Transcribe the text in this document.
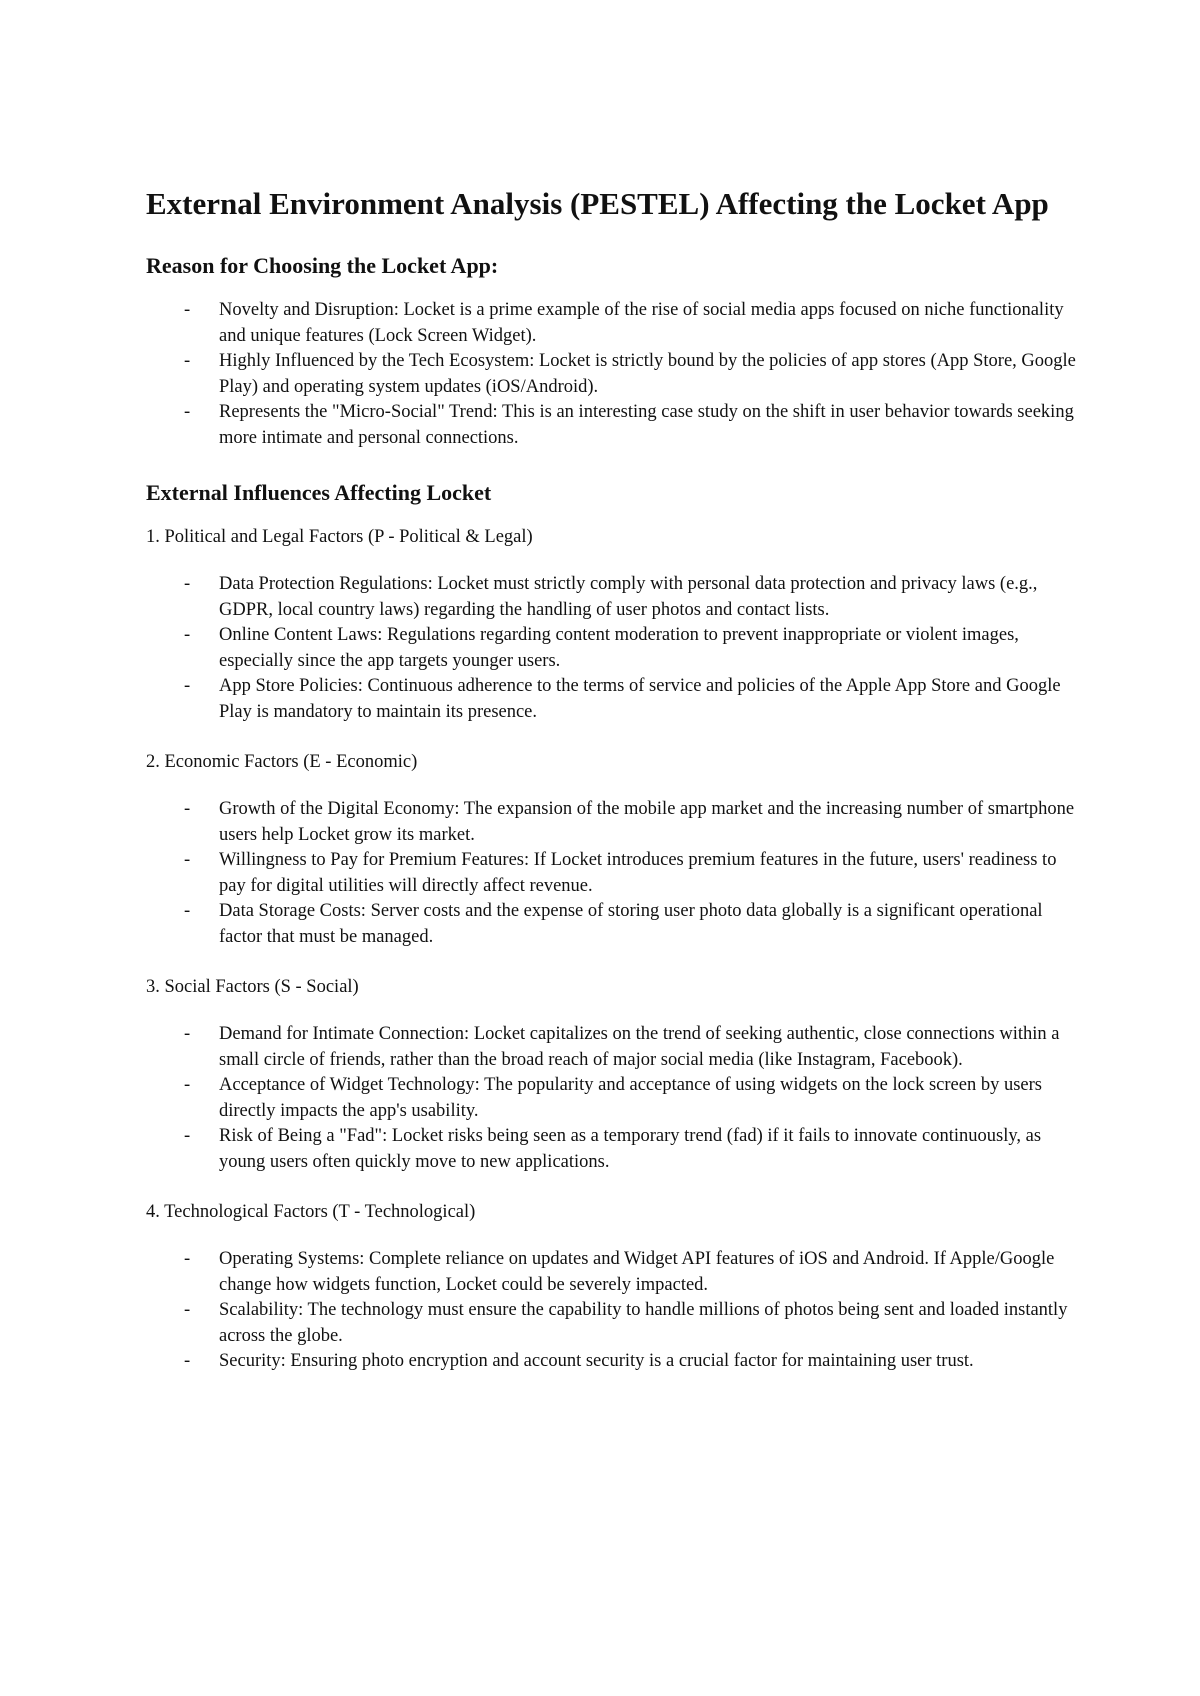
External Environment Analysis (PESTEL) Affecting the Locket App
Reason for Choosing the Locket App:
- Novelty and Disruption: Locket is a prime example of the rise of social media apps focused on niche functionality and unique features (Lock Screen Widget).
- Highly Influenced by the Tech Ecosystem: Locket is strictly bound by the policies of app stores (App Store, Google Play) and operating system updates (iOS/Android).
- Represents the "Micro-Social" Trend: This is an interesting case study on the shift in user behavior towards seeking more intimate and personal connections.
External Influences Affecting Locket
1. Political and Legal Factors (P - Political & Legal)
- Data Protection Regulations: Locket must strictly comply with personal data protection and privacy laws (e.g., GDPR, local country laws) regarding the handling of user photos and contact lists.
- Online Content Laws: Regulations regarding content moderation to prevent inappropriate or violent images, especially since the app targets younger users.
- App Store Policies: Continuous adherence to the terms of service and policies of the Apple App Store and Google Play is mandatory to maintain its presence.
2. Economic Factors (E - Economic)
- Growth of the Digital Economy: The expansion of the mobile app market and the increasing number of smartphone users help Locket grow its market.
- Willingness to Pay for Premium Features: If Locket introduces premium features in the future, users' readiness to pay for digital utilities will directly affect revenue.
- Data Storage Costs: Server costs and the expense of storing user photo data globally is a significant operational factor that must be managed.
3. Social Factors (S - Social)
- Demand for Intimate Connection: Locket capitalizes on the trend of seeking authentic, close connections within a small circle of friends, rather than the broad reach of major social media (like Instagram, Facebook).
- Acceptance of Widget Technology: The popularity and acceptance of using widgets on the lock screen by users directly impacts the app's usability.
- Risk of Being a "Fad": Locket risks being seen as a temporary trend (fad) if it fails to innovate continuously, as young users often quickly move to new applications.
4. Technological Factors (T - Technological)
- Operating Systems: Complete reliance on updates and Widget API features of iOS and Android. If Apple/Google change how widgets function, Locket could be severely impacted.
- Scalability: The technology must ensure the capability to handle millions of photos being sent and loaded instantly across the globe.
- Security: Ensuring photo encryption and account security is a crucial factor for maintaining user trust.
